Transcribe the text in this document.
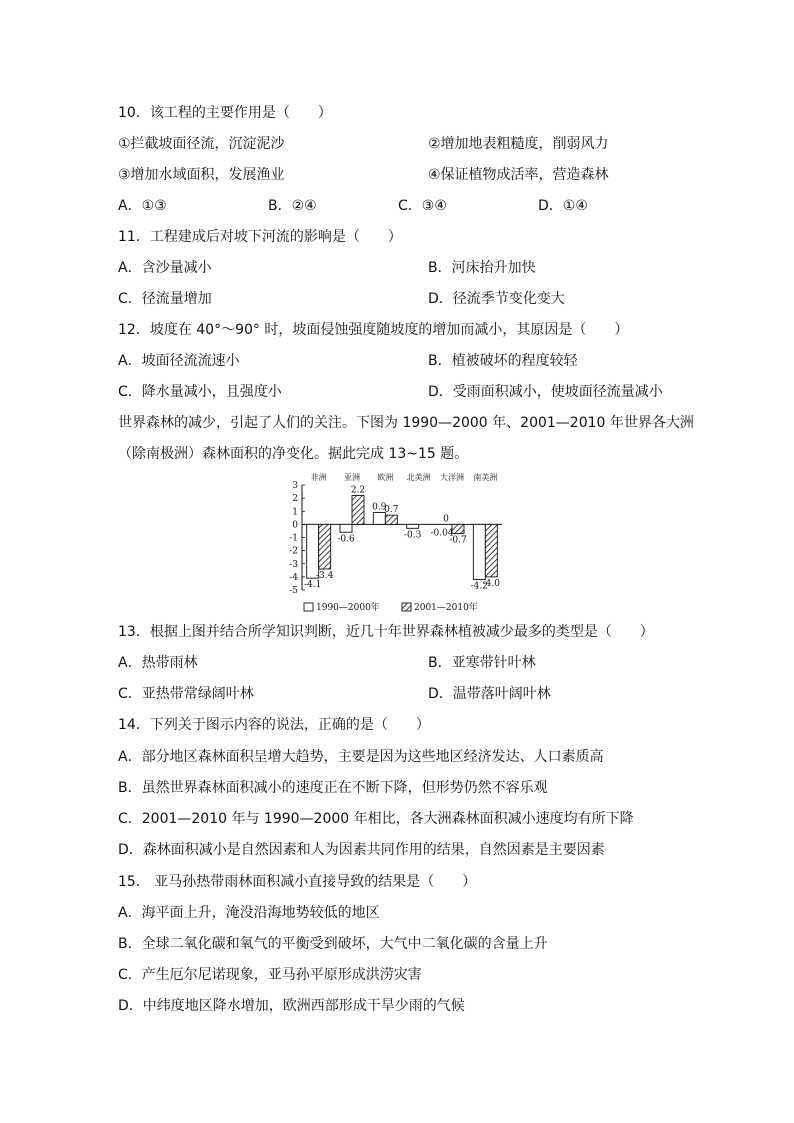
10．该工程的主要作用是（　　）
①拦截坡面径流，沉淀泥沙	②增加地表粗糙度，削弱风力
③增加水域面积，发展渔业	④保证植物成活率，营造森林
A．①③	B．②④	C．③④	D．①④
11．工程建成后对坡下河流的影响是（　　）
A．含沙量减小	B．河床抬升加快
C．径流量增加	D．径流季节变化变大
12．坡度在 40°～90° 时，坡面侵蚀强度随坡度的增加而减小，其原因是（　　）
A．坡面径流流速小	B．植被破坏的程度较轻
C．降水量减小，且强度小	D．受雨面积减小，使坡面径流量减小
世界森林的减少，引起了人们的关注。下图为 1990—2000 年、2001—2010 年世界各大洲
（除南极洲）森林面积的净变化。据此完成 13~15 题。
3
2
1
0
-1
-2
-3
-4
-5
非洲
-4.1
-3.4
亚洲
-0.6
2.2
欧洲
0.9
0.7
北美洲
-0.3
大洋洲
0
-0.7
南美洲
-4.2
-4.0
-0.04
1990—2000年	2001—2010年
13．根据上图并结合所学知识判断，近几十年世界森林植被减少最多的类型是（　　）
A．热带雨林	B．亚寒带针叶林
C．亚热带常绿阔叶林	D．温带落叶阔叶林
14．下列关于图示内容的说法，正确的是（　　）
A．部分地区森林面积呈增大趋势，主要是因为这些地区经济发达、人口素质高
B．虽然世界森林面积减小的速度正在不断下降，但形势仍然不容乐观
C．2001—2010 年与 1990—2000 年相比，各大洲森林面积减小速度均有所下降
D．森林面积减小是自然因素和人为因素共同作用的结果，自然因素是主要因素
15． 亚马孙热带雨林面积减小直接导致的结果是（　　）
A．海平面上升，淹没沿海地势较低的地区
B．全球二氧化碳和氧气的平衡受到破坏，大气中二氧化碳的含量上升
C．产生厄尔尼诺现象，亚马孙平原形成洪涝灾害
D．中纬度地区降水增加，欧洲西部形成干旱少雨的气候
